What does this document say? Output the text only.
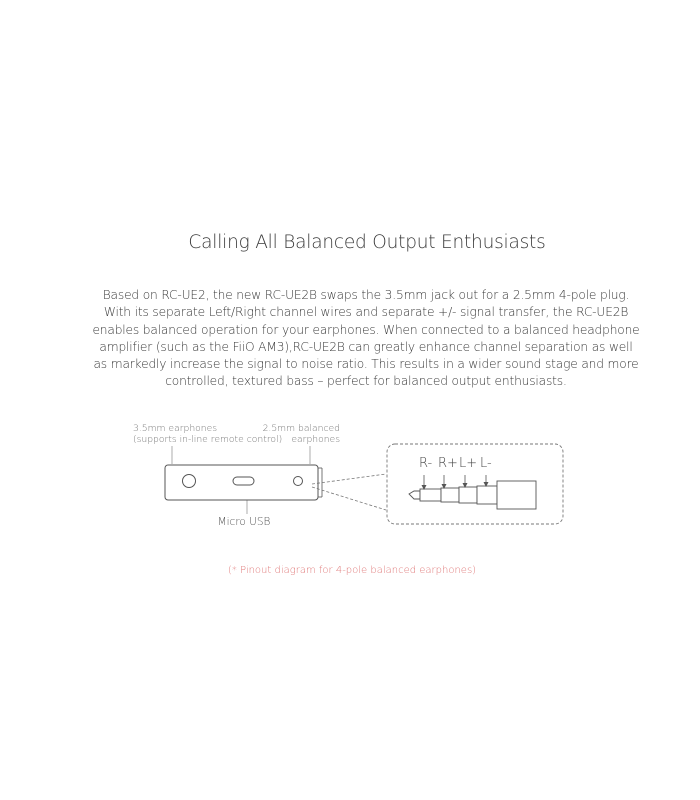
Calling All Balanced Output Enthusiasts
Based on RC-UE2, the new RC-UE2B swaps the 3.5mm jack out for a 2.5mm 4-pole plug.
With its separate Left/Right channel wires and separate +/- signal transfer, the RC-UE2B
enables balanced operation for your earphones. When connected to a balanced headphone
amplifier (such as the FiiO AM3),RC-UE2B can greatly enhance channel separation as well
as markedly increase the signal to noise ratio. This results in a wider sound stage and more
controlled, textured bass – perfect for balanced output enthusiasts.
3.5mm earphones
(supports in-line remote control)
2.5mm balanced
earphones
Micro USB
R- R+ L+ L-
(* Pinout diagram for 4-pole balanced earphones)
